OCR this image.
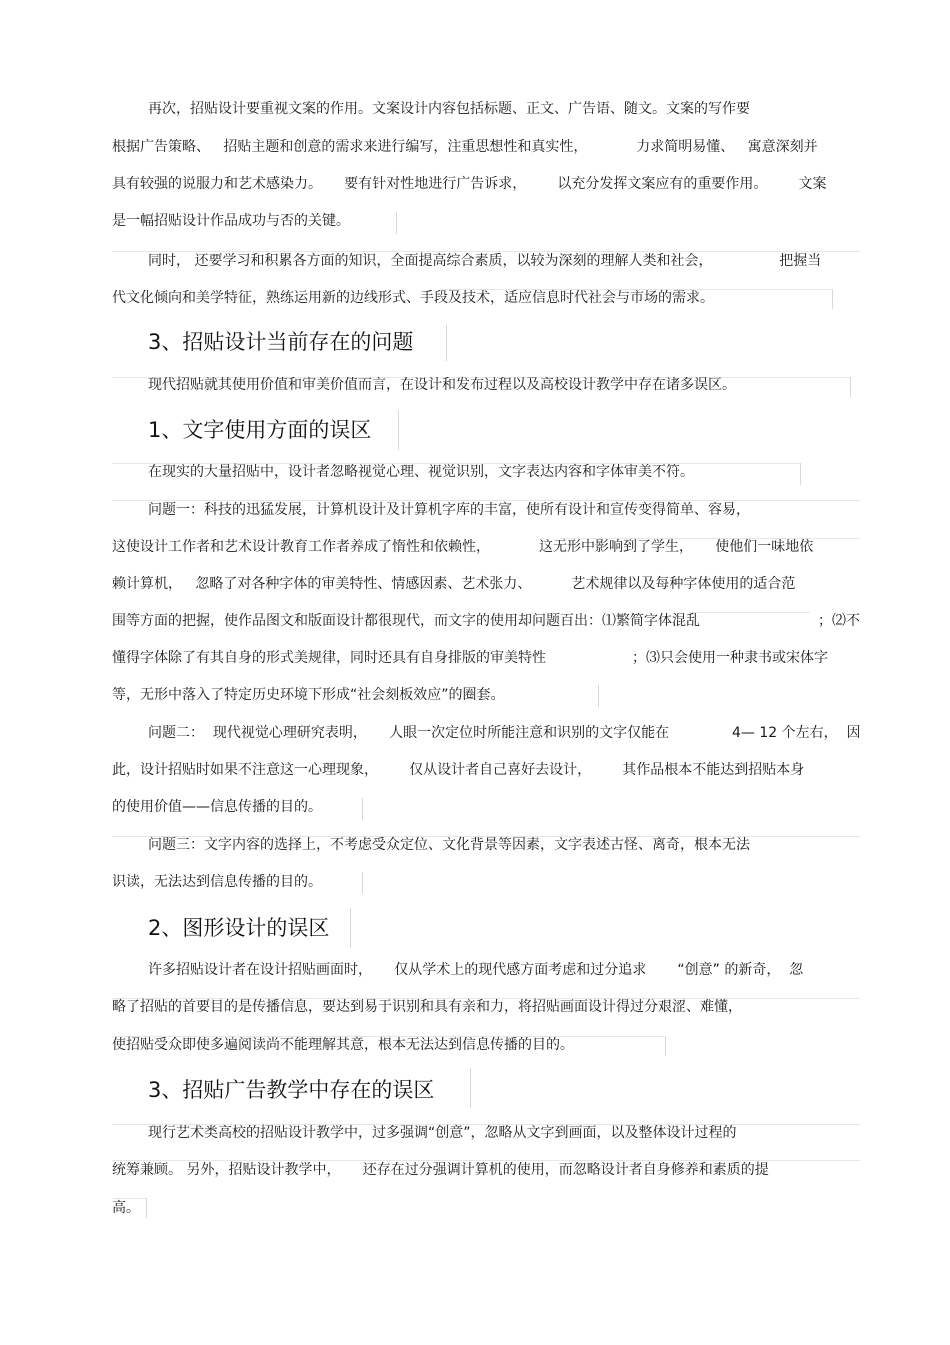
再次，招贴设计要重视文案的作用。文案设计内容包括标题、正文、广告语、随文。文案的写作要
根据广告策略、   招贴主题和创意的需求来进行编写，注重思想性和真实性，           力求简明易懂、   寓意深刻并
具有较强的说服力和艺术感染力。     要有针对性地进行广告诉求，       以充分发挥文案应有的重要作用。       文案
是一幅招贴设计作品成功与否的关键。
同时， 还要学习和积累各方面的知识，全面提高综合素质，以较为深刻的理解人类和社会，               把握当
代文化倾向和美学特征，熟练运用新的边线形式、手段及技术，适应信息时代社会与市场的需求。
3、招贴设计当前存在的问题
现代招贴就其使用价值和审美价值而言，在设计和发布过程以及高校设计教学中存在诸多误区。
1、文字使用方面的误区
在现实的大量招贴中，设计者忽略视觉心理、视觉识别，文字表达内容和字体审美不符。
问题一：科技的迅猛发展，计算机设计及计算机字库的丰富，使所有设计和宣传变得简单、容易，
这使设计工作者和艺术设计教育工作者养成了惰性和依赖性，           这无形中影响到了学生，     使他们一味地依
赖计算机，   忽略了对各种字体的审美特性、情感因素、艺术张力、         艺术规律以及每种字体使用的适合范
围等方面的把握，使作品图文和版面设计都很现代，而文字的使用却问题百出：⑴繁简字体混乱	；⑵不
懂得字体除了有其自身的形式美规律，同时还具有自身排版的审美特性	；⑶只会使用一种隶书或宋体字
等，无形中落入了特定历史环境下形成“社会刻板效应”的圈套。
问题二：  现代视觉心理研究表明，     人眼一次定位时所能注意和识别的文字仅能在	4— 12 个左右，  因
此，设计招贴时如果不注意这一心理现象，       仅从设计者自己喜好去设计，       其作品根本不能达到招贴本身
的使用价值——信息传播的目的。
问题三：文字内容的选择上，不考虑受众定位、文化背景等因素，文字表述古怪、离奇，根本无法
识读，无法达到信息传播的目的。
2、图形设计的误区
许多招贴设计者在设计招贴画面时，     仅从学术上的现代感方面考虑和过分追求       “创意” 的新奇，  忽
略了招贴的首要目的是传播信息，要达到易于识别和具有亲和力，将招贴画面设计得过分艰涩、难懂，
使招贴受众即使多遍阅读尚不能理解其意，根本无法达到信息传播的目的。
3、招贴广告教学中存在的误区
现行艺术类高校的招贴设计教学中，过多强调“创意”，忽略从文字到画面，以及整体设计过程的
统筹兼顾。 另外，招贴设计教学中，     还存在过分强调计算机的使用，而忽略设计者自身修养和素质的提
高。
